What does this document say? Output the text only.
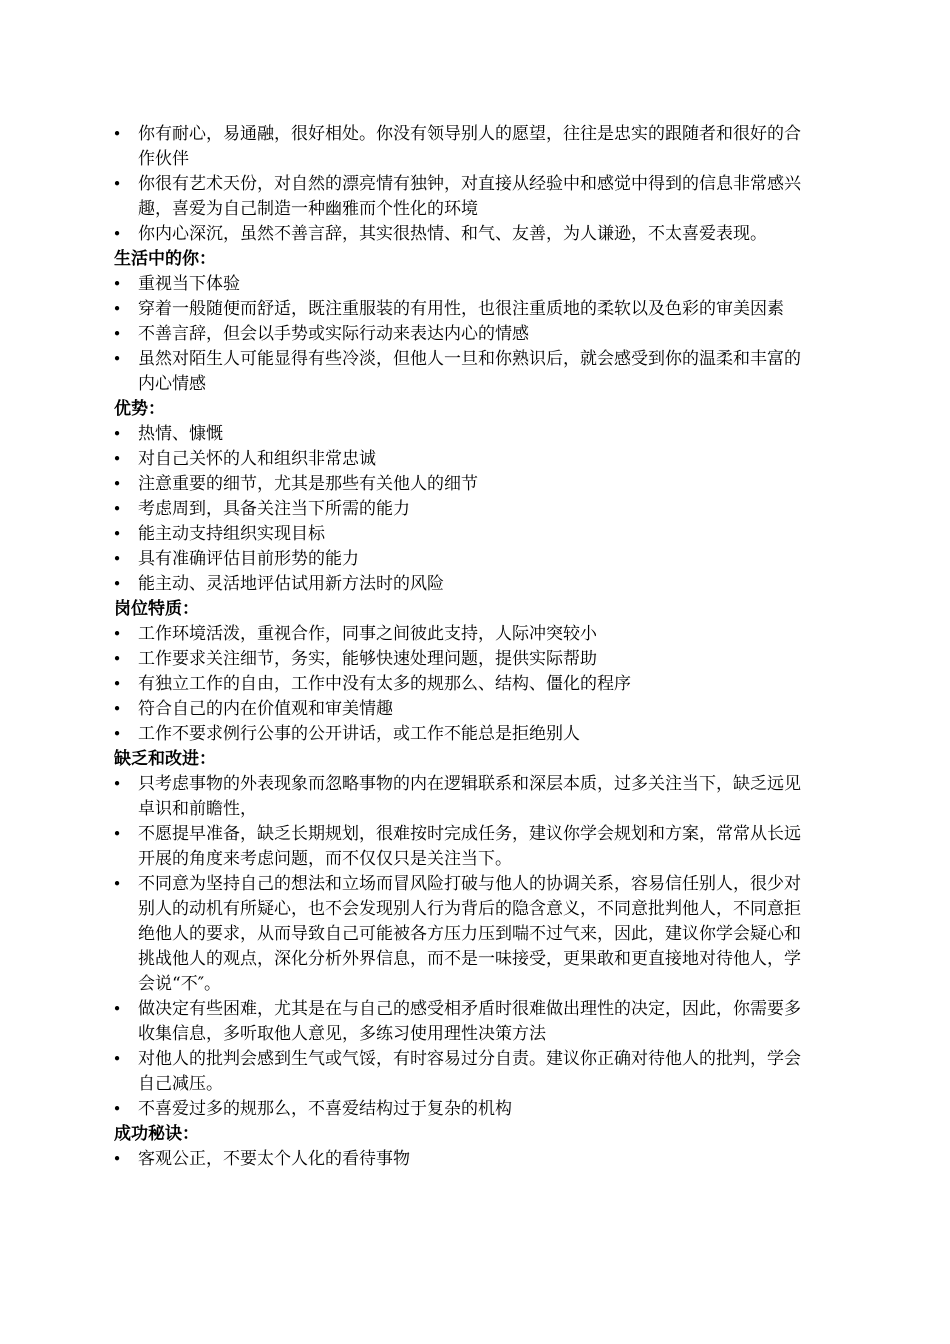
• 你有耐心，易通融，很好相处。你没有领导别人的愿望，往往是忠实的跟随者和很好的合作伙伴
• 你很有艺术天份，对自然的漂亮情有独钟，对直接从经验中和感觉中得到的信息非常感兴趣，喜爱为自己制造一种幽雅而个性化的环境
• 你内心深沉，虽然不善言辞，其实很热情、和气、友善，为人谦逊，不太喜爱表现。
生活中的你：
• 重视当下体验
• 穿着一般随便而舒适，既注重服装的有用性，也很注重质地的柔软以及色彩的审美因素
• 不善言辞，但会以手势或实际行动来表达内心的情感
• 虽然对陌生人可能显得有些冷淡，但他人一旦和你熟识后，就会感受到你的温柔和丰富的内心情感
优势：
• 热情、慷慨
• 对自己关怀的人和组织非常忠诚
• 注意重要的细节，尤其是那些有关他人的细节
• 考虑周到，具备关注当下所需的能力
• 能主动支持组织实现目标
• 具有准确评估目前形势的能力
• 能主动、灵活地评估试用新方法时的风险
岗位特质：
• 工作环境活泼，重视合作，同事之间彼此支持，人际冲突较小
• 工作要求关注细节，务实，能够快速处理问题，提供实际帮助
• 有独立工作的自由，工作中没有太多的规那么、结构、僵化的程序
• 符合自己的内在价值观和审美情趣
• 工作不要求例行公事的公开讲话，或工作不能总是拒绝别人
缺乏和改进：
• 只考虑事物的外表现象而忽略事物的内在逻辑联系和深层本质，过多关注当下，缺乏远见卓识和前瞻性，
• 不愿提早准备，缺乏长期规划，很难按时完成任务，建议你学会规划和方案，常常从长远开展的角度来考虑问题，而不仅仅只是关注当下。
• 不同意为坚持自己的想法和立场而冒风险打破与他人的协调关系，容易信任别人，很少对别人的动机有所疑心，也不会发现别人行为背后的隐含意义，不同意批判他人，不同意拒绝他人的要求，从而导致自己可能被各方压力压到喘不过气来，因此，建议你学会疑心和挑战他人的观点，深化分析外界信息，而不是一味接受，更果敢和更直接地对待他人，学会说“不″。
• 做决定有些困难，尤其是在与自己的感受相矛盾时很难做出理性的决定，因此，你需要多收集信息，多听取他人意见，多练习使用理性决策方法
• 对他人的批判会感到生气或气馁，有时容易过分自责。建议你正确对待他人的批判，学会自己减压。
• 不喜爱过多的规那么，不喜爱结构过于复杂的机构
成功秘诀：
• 客观公正，不要太个人化的看待事物
